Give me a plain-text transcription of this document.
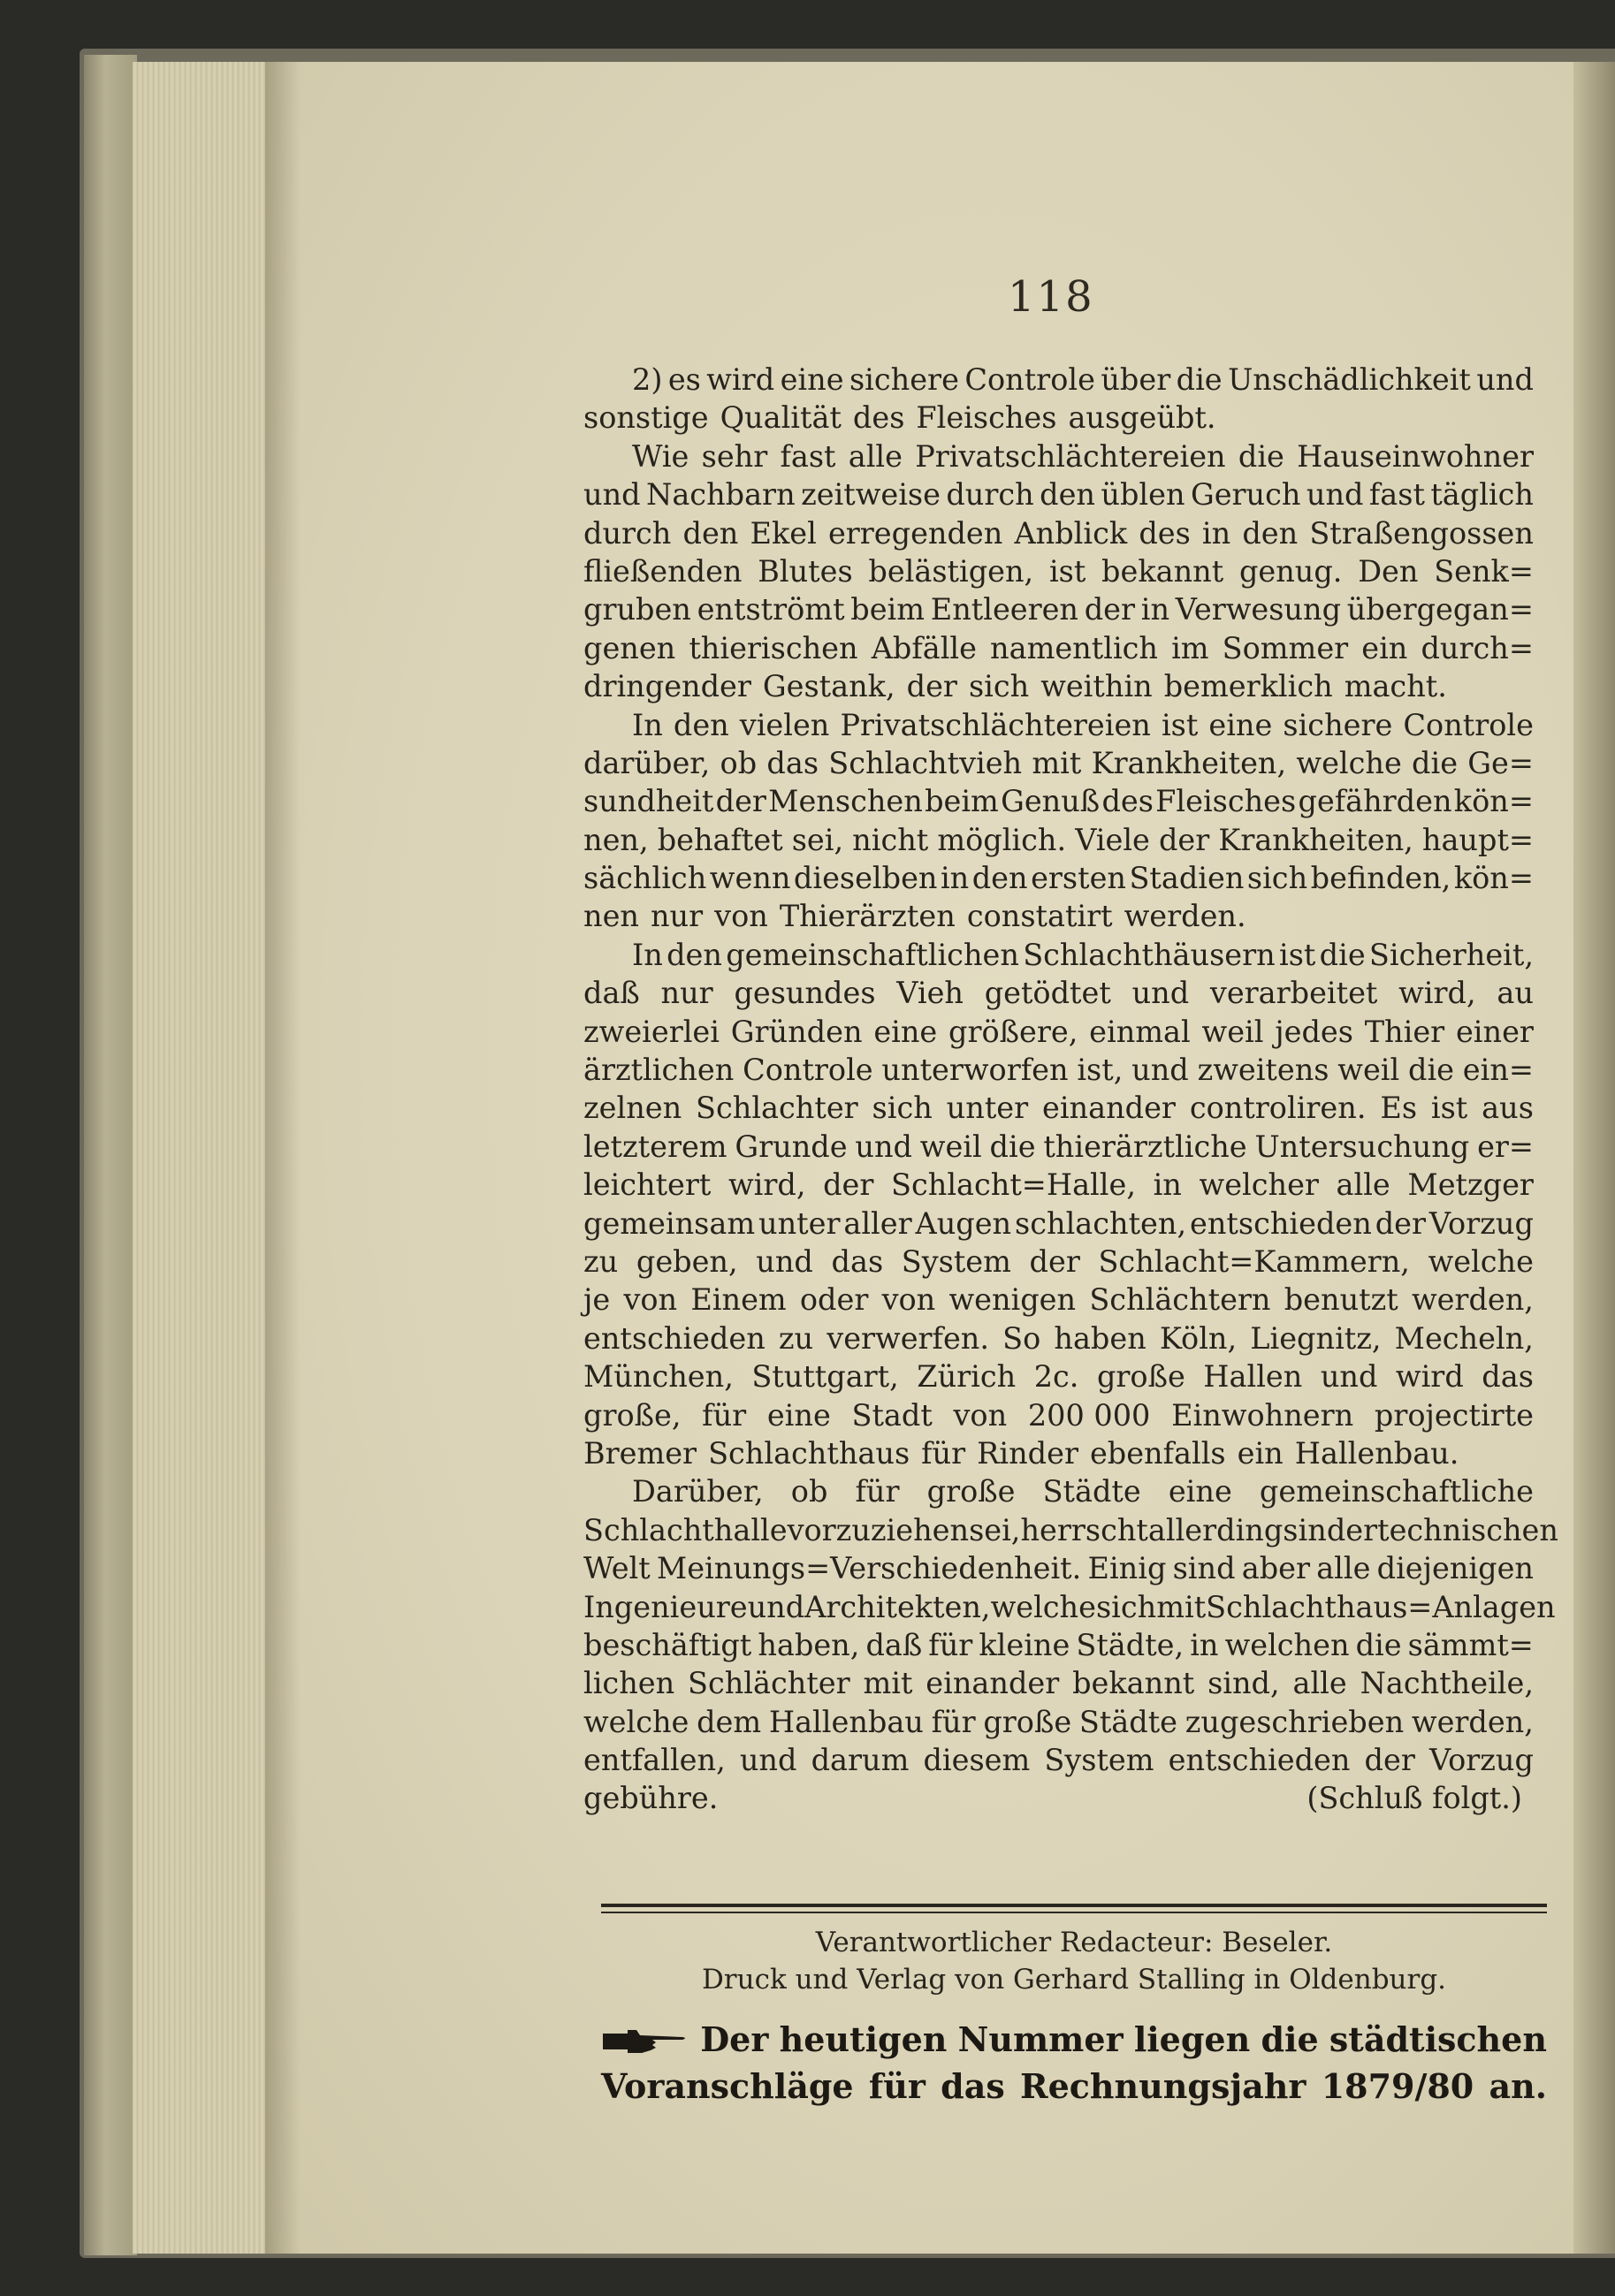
118
2) es wird eine sichere Controle über die Unschädlichkeit und
sonstige Qualität des Fleisches ausgeübt.
Wie sehr fast alle Privatschlächtereien die Hauseinwohner
und Nachbarn zeitweise durch den üblen Geruch und fast täglich
durch den Ekel erregenden Anblick des in den Straßengossen
fließenden Blutes belästigen, ist bekannt genug. Den Senk=
gruben entströmt beim Entleeren der in Verwesung übergegan=
genen thierischen Abfälle namentlich im Sommer ein durch=
dringender Gestank, der sich weithin bemerklich macht.
In den vielen Privatschlächtereien ist eine sichere Controle
darüber, ob das Schlachtvieh mit Krankheiten, welche die Ge=
sundheit der Menschen beim Genuß des Fleisches gefährden kön=
nen, behaftet sei, nicht möglich. Viele der Krankheiten, haupt=
sächlich wenn dieselben in den ersten Stadien sich befinden, kön=
nen nur von Thierärzten constatirt werden.
In den gemeinschaftlichen Schlachthäusern ist die Sicherheit,
daß nur gesundes Vieh getödtet und verarbeitet wird, au
zweierlei Gründen eine größere, einmal weil jedes Thier einer
ärztlichen Controle unterworfen ist, und zweitens weil die ein=
zelnen Schlachter sich unter einander controliren. Es ist aus
letzterem Grunde und weil die thierärztliche Untersuchung er=
leichtert wird, der Schlacht=Halle, in welcher alle Metzger
gemeinsam unter aller Augen schlachten, entschieden der Vorzug
zu geben, und das System der Schlacht=Kammern, welche
je von Einem oder von wenigen Schlächtern benutzt werden,
entschieden zu verwerfen. So haben Köln, Liegnitz, Mecheln,
München, Stuttgart, Zürich 2c. große Hallen und wird das
große, für eine Stadt von 200 000 Einwohnern projectirte
Bremer Schlachthaus für Rinder ebenfalls ein Hallenbau.
Darüber, ob für große Städte eine gemeinschaftliche
Schlachthalle vorzuziehen sei, herrscht allerdings in der technischen
Welt Meinungs=Verschiedenheit. Einig sind aber alle diejenigen
Ingenieure und Architekten, welche sich mit Schlachthaus=Anlagen
beschäftigt haben, daß für kleine Städte, in welchen die sämmt=
lichen Schlächter mit einander bekannt sind, alle Nachtheile,
welche dem Hallenbau für große Städte zugeschrieben werden,
entfallen, und darum diesem System entschieden der Vorzug
gebühre.	(Schluß folgt.)
Verantwortlicher Redacteur: Beseler.
Druck und Verlag von Gerhard Stalling in Oldenburg.
Der heutigen Nummer liegen die städtischen
Voranschläge für das Rechnungsjahr 1879/80 an.
